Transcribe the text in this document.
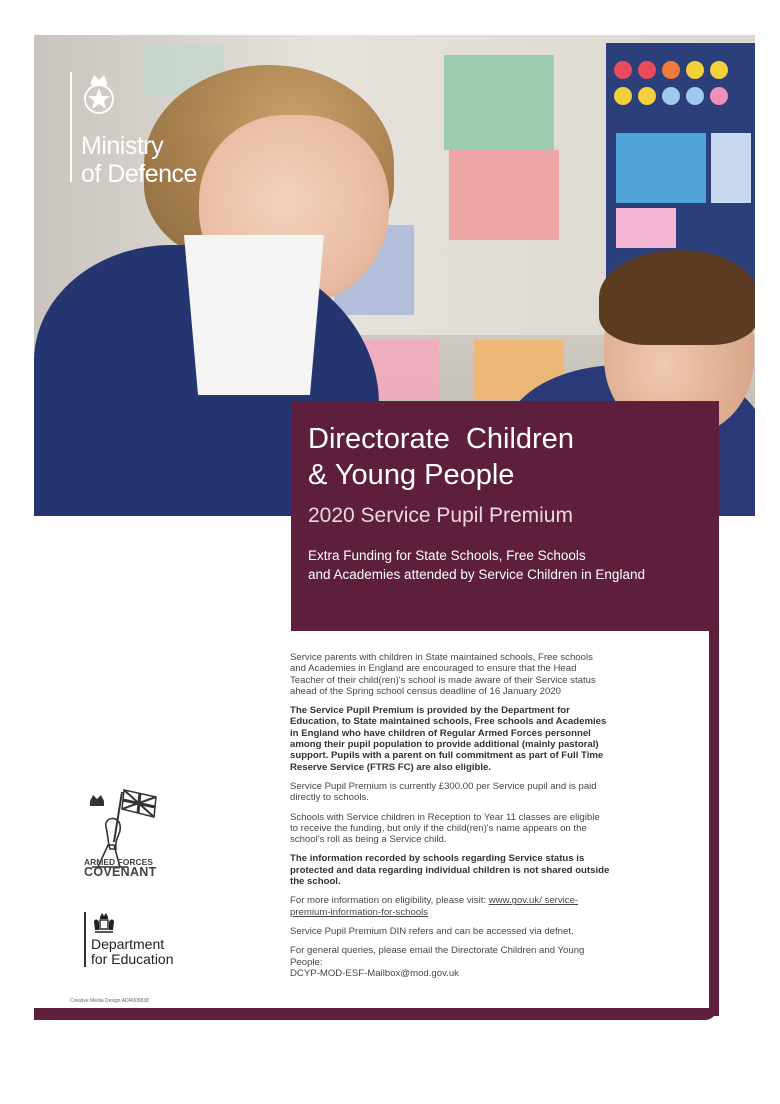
Ministry
of Defence
Directorate  Children
& Young People
2020 Service Pupil Premium
Extra Funding for State Schools, Free Schools
and Academies attended by Service Children in England

Service parents with children in State maintained schools, Free schools and Academies in England are encouraged to ensure that the Head Teacher of their child(ren)'s school is made aware of their Service status ahead of the Spring school census deadline of 16 January 2020

The Service Pupil Premium is provided by the Department for Education, to State maintained schools, Free schools and Academies in England who have children of Regular Armed Forces personnel among their pupil population to provide additional (mainly pastoral) support. Pupils with a parent on full commitment as part of Full Time Reserve Service (FTRS FC) are also eligible.

Service Pupil Premium is currently £300.00 per Service pupil and is paid directly to schools.

Schools with Service children in Reception to Year 11 classes are eligible to receive the funding, but only if the child(ren)'s name appears on the school's roll as being a Service child.

The information recorded by schools regarding Service status is protected and data regarding individual children is not shared outside the school.

For more information on eligibility, please visit: www.gov.uk/ service-premium-information-for-schools

Service Pupil Premium DIN refers and can be accessed via defnet.

For general queries, please email the Directorate Children and Young People:
DCYP-MOD-ESF-Mailbox@mod.gov.uk

ARMED FORCES
COVENANT
Department
for Education
Creative Media Design ADR009838
